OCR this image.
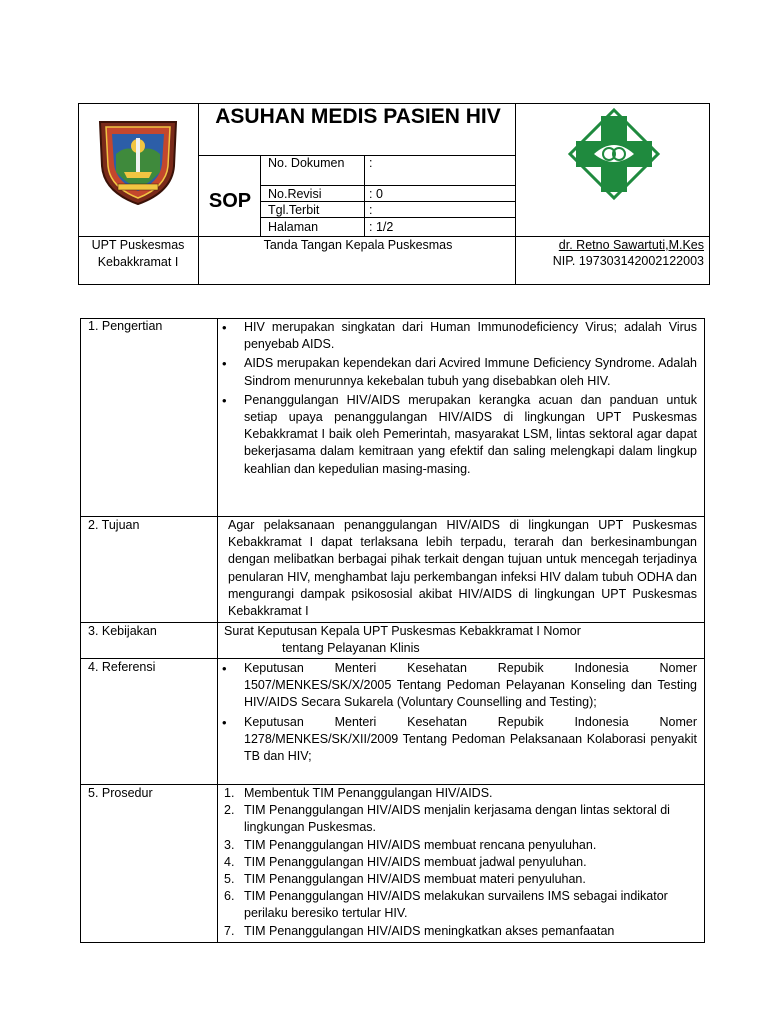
ASUHAN MEDIS PASIEN HIV
SOP
No. Dokumen :
No.Revisi	: 0
Tgl.Terbit	:
Halaman	: 1/2
UPT Puskesmas Kebakkramat I
Tanda Tangan Kepala Puskesmas	dr. Retno Sawartuti,M.Kes
NIP. 197303142002122003
1. Pengertian	• HIV merupakan singkatan dari Human Immunodeficiency Virus; adalah Virus penyebab AIDS.
• AIDS merupakan kependekan dari Acvired Immune Deficiency Syndrome. Adalah Sindrom menurunnya kekebalan tubuh yang disebabkan oleh HIV.
• Penanggulangan HIV/AIDS merupakan kerangka acuan dan panduan untuk setiap upaya penanggulangan HIV/AIDS di lingkungan UPT Puskesmas Kebakkramat I baik oleh Pemerintah, masyarakat LSM, lintas sektoral agar dapat bekerjasama dalam kemitraan yang efektif dan saling melengkapi dalam lingkup keahlian dan kepedulian masing-masing.
2. Tujuan	Agar pelaksanaan penanggulangan HIV/AIDS di lingkungan UPT Puskesmas Kebakkramat I dapat terlaksana lebih terpadu, terarah dan berkesinambungan dengan melibatkan berbagai pihak terkait dengan tujuan untuk mencegah terjadinya penularan HIV, menghambat laju perkembangan infeksi HIV dalam tubuh ODHA dan mengurangi dampak psikososial akibat HIV/AIDS di lingkungan UPT Puskesmas Kebakkramat I
3. Kebijakan	Surat Keputusan Kepala UPT Puskesmas Kebakkramat I Nomor
tentang Pelayanan Klinis
4. Referensi	• Keputusan Menteri Kesehatan Repubik Indonesia Nomer 1507/MENKES/SK/X/2005 Tentang Pedoman Pelayanan Konseling dan Testing HIV/AIDS Secara Sukarela (Voluntary Counselling and Testing);
• Keputusan Menteri Kesehatan Repubik Indonesia Nomer 1278/MENKES/SK/XII/2009 Tentang Pedoman Pelaksanaan Kolaborasi penyakit TB dan HIV;
5. Prosedur	1. Membentuk TIM Penanggulangan HIV/AIDS.
2. TIM Penanggulangan HIV/AIDS menjalin kerjasama dengan lintas sektoral di lingkungan Puskesmas.
3. TIM Penanggulangan HIV/AIDS membuat rencana penyuluhan.
4. TIM Penanggulangan HIV/AIDS membuat jadwal penyuluhan.
5. TIM Penanggulangan HIV/AIDS membuat materi penyuluhan.
6. TIM Penanggulangan HIV/AIDS melakukan survailens IMS sebagai indikator perilaku beresiko tertular HIV.
7. TIM Penanggulangan HIV/AIDS meningkatkan akses pemanfaatan
